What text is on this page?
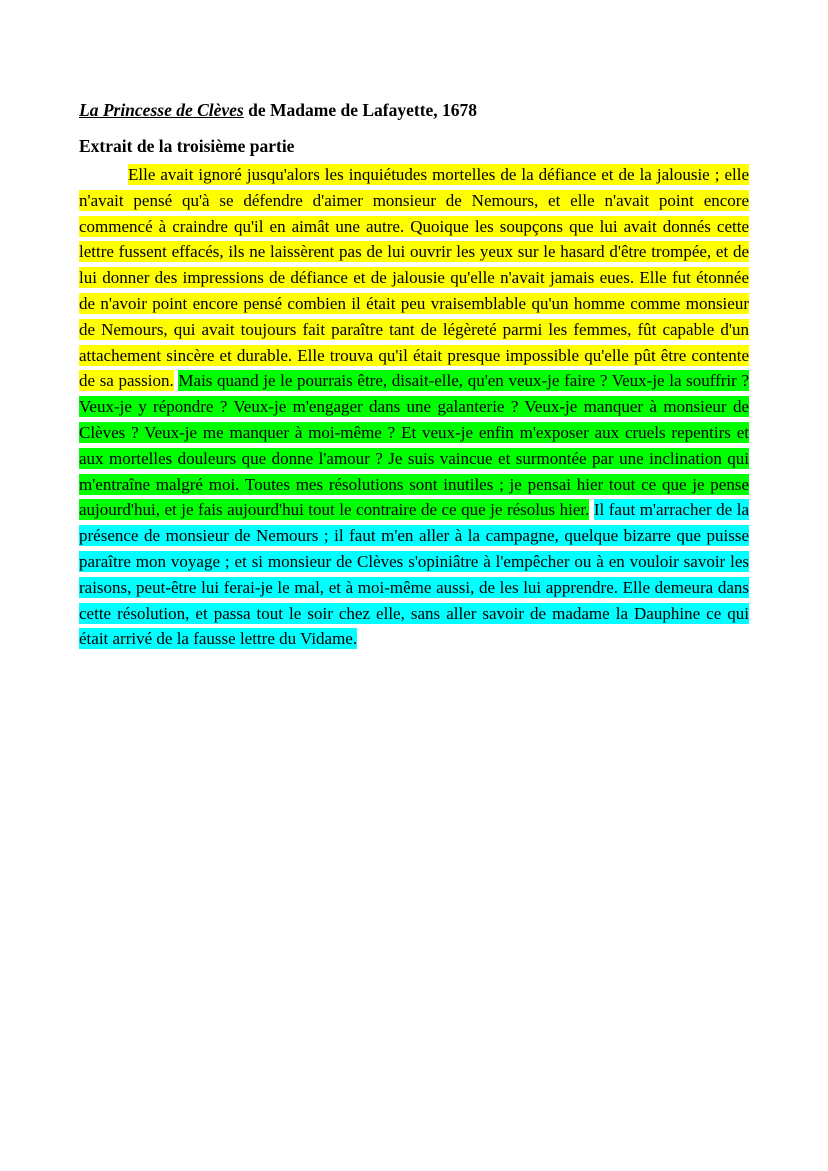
La Princesse de Clèves de Madame de Lafayette, 1678
Extrait de la troisième partie

Elle avait ignoré jusqu'alors les inquiétudes mortelles de la défiance et de la jalousie ; elle n'avait pensé qu'à se défendre d'aimer monsieur de Nemours, et elle n'avait point encore commencé à craindre qu'il en aimât une autre. Quoique les soupçons que lui avait donnés cette lettre fussent effacés, ils ne laissèrent pas de lui ouvrir les yeux sur le hasard d'être trompée, et de lui donner des impressions de défiance et de jalousie qu'elle n'avait jamais eues. Elle fut étonnée de n'avoir point encore pensé combien il était peu vraisemblable qu'un homme comme monsieur de Nemours, qui avait toujours fait paraître tant de légèreté parmi les femmes, fût capable d'un attachement sincère et durable. Elle trouva qu'il était presque impossible qu'elle pût être contente de sa passion. Mais quand je le pourrais être, disait-elle, qu'en veux-je faire ? Veux-je la souffrir ? Veux-je y répondre ? Veux-je m'engager dans une galanterie ? Veux-je manquer à monsieur de Clèves ? Veux-je me manquer à moi-même ? Et veux-je enfin m'exposer aux cruels repentirs et aux mortelles douleurs que donne l'amour ? Je suis vaincue et surmontée par une inclination qui m'entraîne malgré moi. Toutes mes résolutions sont inutiles ; je pensai hier tout ce que je pense aujourd'hui, et je fais aujourd'hui tout le contraire de ce que je résolus hier. Il faut m'arracher de la présence de monsieur de Nemours ; il faut m'en aller à la campagne, quelque bizarre que puisse paraître mon voyage ; et si monsieur de Clèves s'opiniâtre à l'empêcher ou à en vouloir savoir les raisons, peut-être lui ferai-je le mal, et à moi-même aussi, de les lui apprendre. Elle demeura dans cette résolution, et passa tout le soir chez elle, sans aller savoir de madame la Dauphine ce qui était arrivé de la fausse lettre du Vidame.
